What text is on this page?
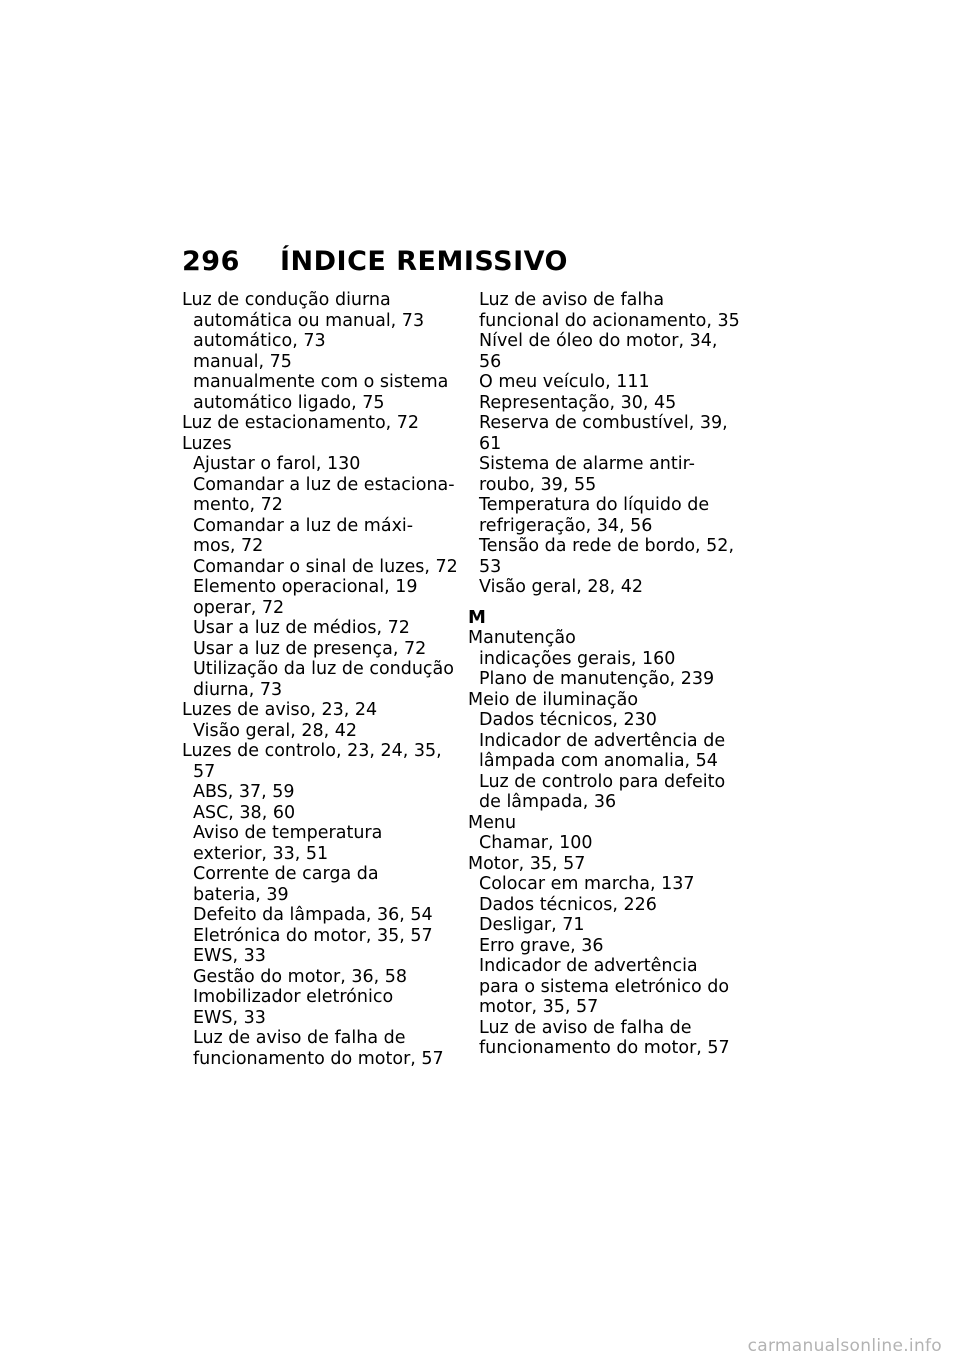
296 ÍNDICE REMISSIVO
Luz de condução diurna
automática ou manual, 73
automático, 73
manual, 75
manualmente com o sistema
automático ligado, 75
Luz de estacionamento, 72
Luzes
Ajustar o farol, 130
Comandar a luz de estaciona-
mento, 72
Comandar a luz de máxi-
mos, 72
Comandar o sinal de luzes, 72
Elemento operacional, 19
operar, 72
Usar a luz de médios, 72
Usar a luz de presença, 72
Utilização da luz de condução
diurna, 73
Luzes de aviso, 23, 24
Visão geral, 28, 42
Luzes de controlo, 23, 24, 35,
57
ABS, 37, 59
ASC, 38, 60
Aviso de temperatura
exterior, 33, 51
Corrente de carga da
bateria, 39
Defeito da lâmpada, 36, 54
Eletrónica do motor, 35, 57
EWS, 33
Gestão do motor, 36, 58
Imobilizador eletrónico
EWS, 33
Luz de aviso de falha de
funcionamento do motor, 57
Luz de aviso de falha
funcional do acionamento, 35
Nível de óleo do motor, 34,
56
O meu veículo, 111
Representação, 30, 45
Reserva de combustível, 39,
61
Sistema de alarme antir-
roubo, 39, 55
Temperatura do líquido de
refrigeração, 34, 56
Tensão da rede de bordo, 52,
53
Visão geral, 28, 42
M
Manutenção
indicações gerais, 160
Plano de manutenção, 239
Meio de iluminação
Dados técnicos, 230
Indicador de advertência de
lâmpada com anomalia, 54
Luz de controlo para defeito
de lâmpada, 36
Menu
Chamar, 100
Motor, 35, 57
Colocar em marcha, 137
Dados técnicos, 226
Desligar, 71
Erro grave, 36
Indicador de advertência
para o sistema eletrónico do
motor, 35, 57
Luz de aviso de falha de
funcionamento do motor, 57
carmanualsonline.info
